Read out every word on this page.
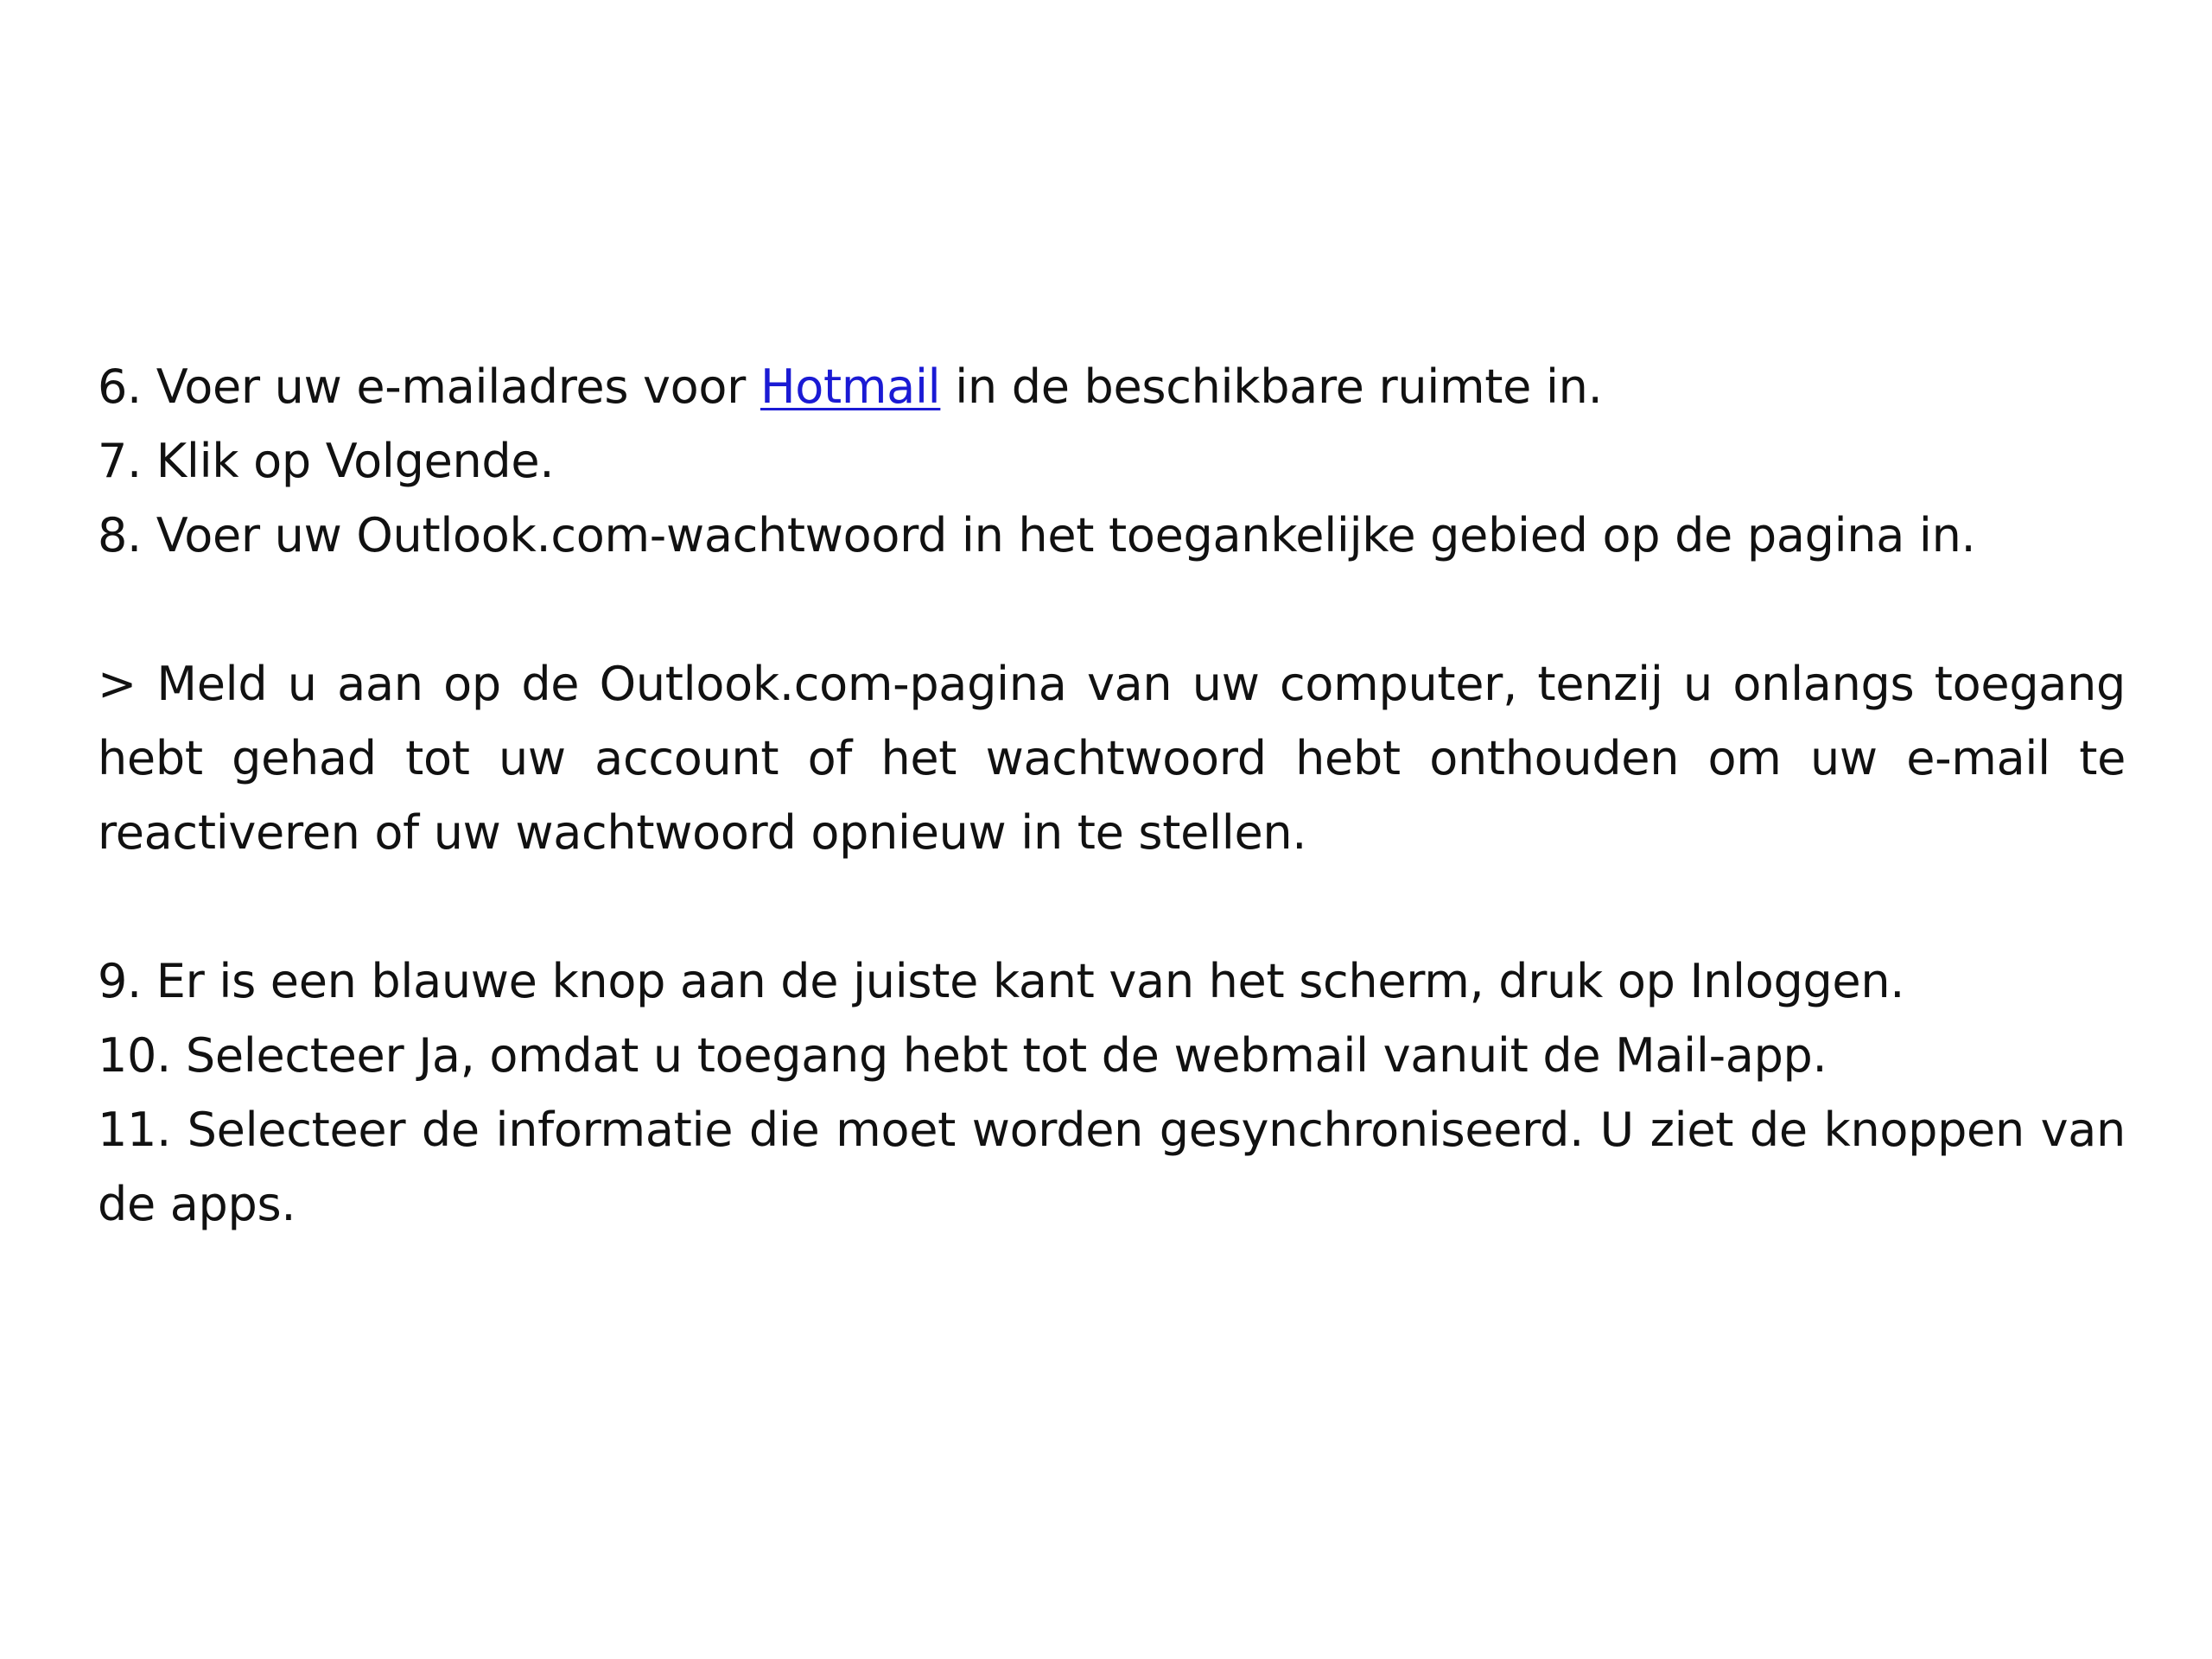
6. Voer uw e-mailadres voor Hotmail in de beschikbare ruimte in.

7. Klik op Volgende.

8. Voer uw Outlook.com-wachtwoord in het toegankelijke gebied op de pagina in.

> Meld u aan op de Outlook.com-pagina van uw computer, tenzij u onlangs toegang hebt gehad tot uw account of het wachtwoord hebt onthouden om uw e-mail te reactiveren of uw wachtwoord opnieuw in te stellen.

9. Er is een blauwe knop aan de juiste kant van het scherm, druk op Inloggen.

10. Selecteer Ja, omdat u toegang hebt tot de webmail vanuit de Mail-app.

11. Selecteer de informatie die moet worden gesynchroniseerd. U ziet de knoppen van de apps.
